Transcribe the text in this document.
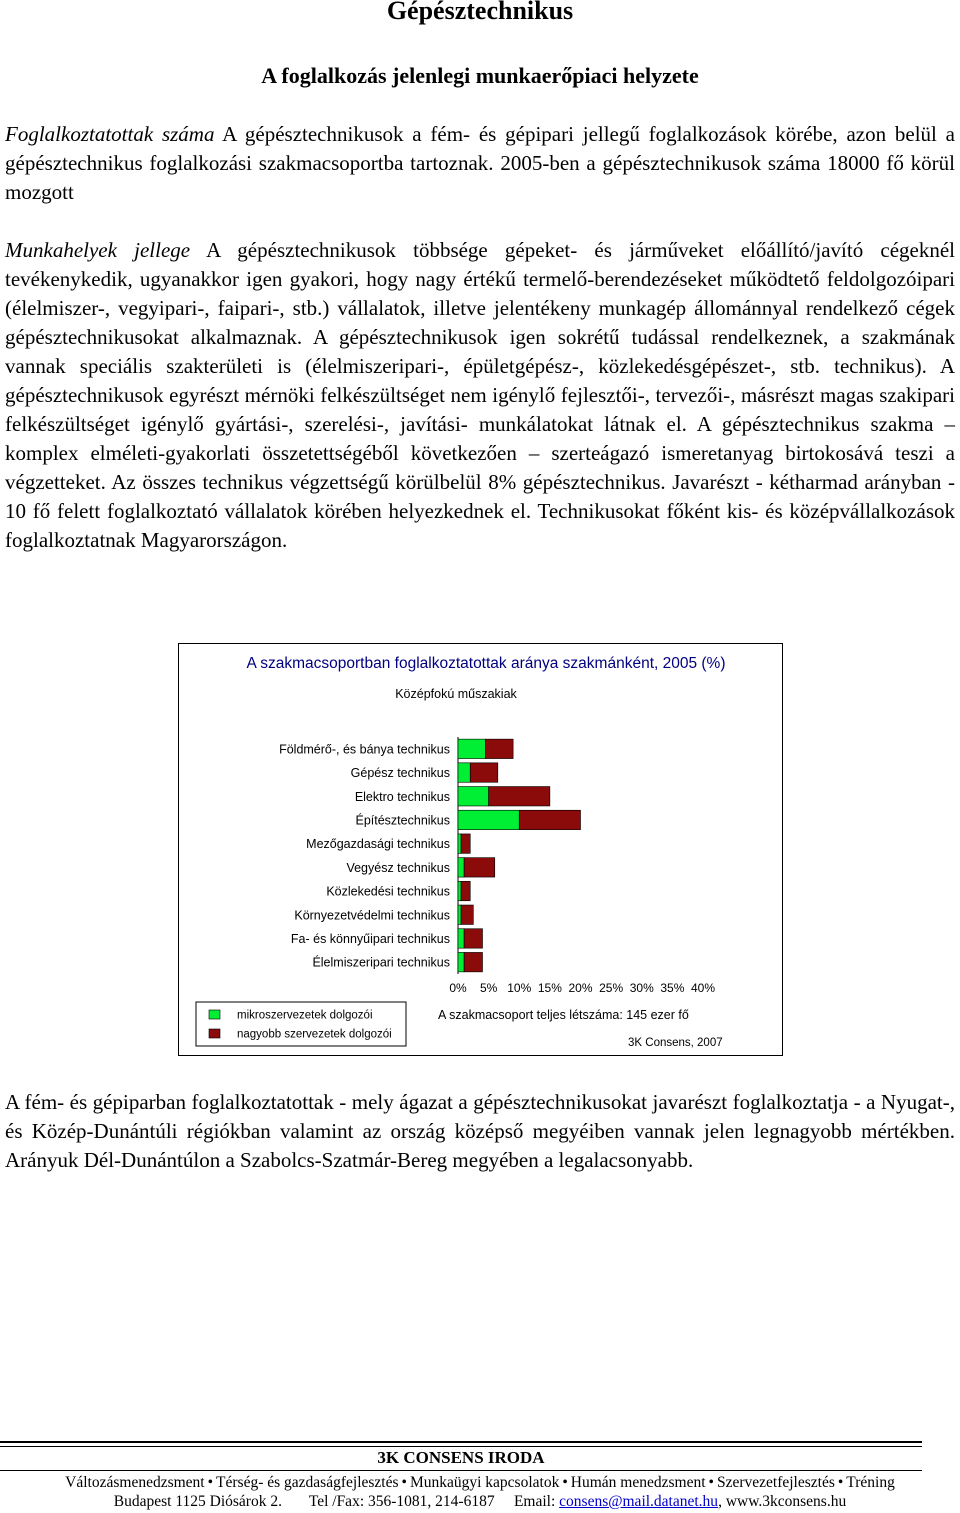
Gépésztechnikus
A foglalkozás jelenlegi munkaerőpiaci helyzete

Foglalkoztatottak száma A gépésztechnikusok a fém- és gépipari jellegű foglalkozások körébe, azon belül a gépésztechnikus foglalkozási szakmacsoportba tartoznak. 2005-ben a gépésztechnikusok száma 18000 fő körül mozgott

Munkahelyek jellege A gépésztechnikusok többsége gépeket- és járműveket előállító/javító cégeknél tevékenykedik, ugyanakkor igen gyakori, hogy nagy értékű termelő-berendezéseket működtető feldolgozóipari (élelmiszer-, vegyipari-, faipari-, stb.) vállalatok, illetve jelentékeny munkagép állománnyal rendelkező cégek gépésztechnikusokat alkalmaznak. A gépésztechnikusok igen sokrétű tudással rendelkeznek, a szakmának vannak speciális szakterületi is (élelmiszeripari-, épületgépész-, közlekedésgépészet-, stb. technikus). A gépésztechnikusok egyrészt mérnöki felkészültséget nem igénylő fejlesztői-, tervezői-, másrészt magas szakipari felkészültséget igénylő gyártási-, szerelési-, javítási- munkálatokat látnak el. A gépésztechnikus szakma – komplex elméleti-gyakorlati összetettségéből következően – szerteágazó ismeretanyag birtokosává teszi a végzetteket. Az összes technikus végzettségű körülbelül 8% gépésztechnikus. Javarészt - kétharmad arányban - 10 fő felett foglalkoztató vállalatok körében helyezkednek el. Technikusokat főként kis- és középvállalkozások foglalkoztatnak Magyarországon.

A szakmacsoportban foglalkoztatottak aránya szakmánként, 2005 (%)
Középfokú műszakiak
Földmérő-, és bánya technikus
Gépész technikus
Elektro technikus
Építésztechnikus
Mezőgazdasági technikus
Vegyész technikus
Közlekedési technikus
Környezetvédelmi technikus
Fa- és könnyűipari technikus
Élelmiszeripari technikus
0% 5% 10% 15% 20% 25% 30% 35% 40%
mikroszervezetek dolgozói
nagyobb szervezetek dolgozói
A szakmacsoport teljes létszáma: 145 ezer fő
3K Consens, 2007

A fém- és gépiparban foglalkoztatottak - mely ágazat a gépésztechnikusokat javarészt foglalkoztatja - a Nyugat-, és Közép-Dunántúli régiókban valamint az ország középső megyéiben vannak jelen legnagyobb mértékben. Arányuk Dél-Dunántúlon a Szabolcs-Szatmár-Bereg megyében a legalacsonyabb.

3K CONSENS IRODA
Változásmenedzsment • Térség- és gazdaságfejlesztés • Munkaügyi kapcsolatok • Humán menedzsment • Szervezetfejlesztés • Tréning
Budapest 1125 Diósárok 2. Tel /Fax: 356-1081, 214-6187 Email: consens@mail.datanet.hu, www.3kconsens.hu
